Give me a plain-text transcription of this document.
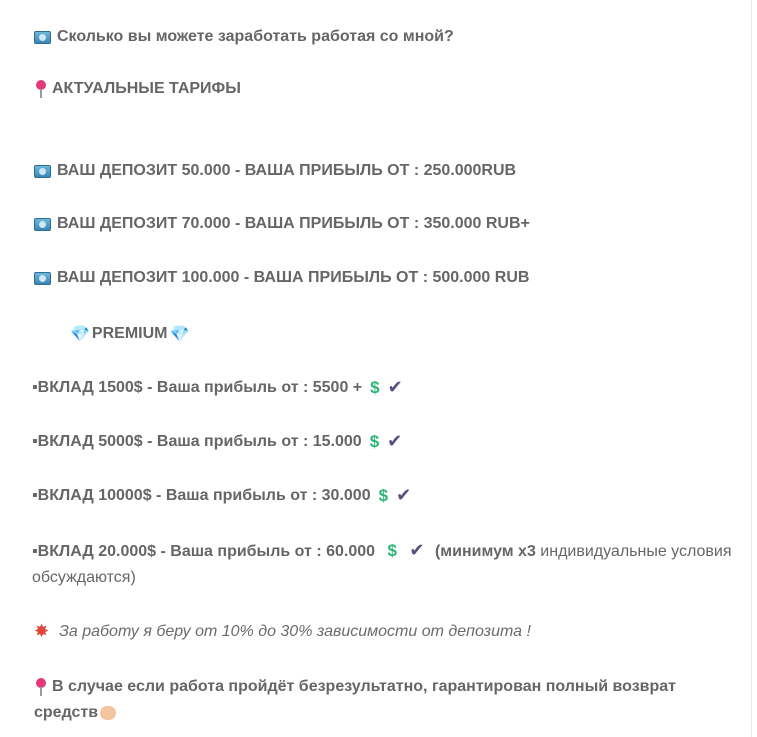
Сколько вы можете заработать работая со мной?
АКТУАЛЬНЫЕ ТАРИФЫ
ВАШ ДЕПОЗИТ 50.000 - ВАША ПРИБЫЛЬ ОТ : 250.000RUB
ВАШ ДЕПОЗИТ 70.000 - ВАША ПРИБЫЛЬ ОТ : 350.000 RUB+
ВАШ ДЕПОЗИТ 100.000 - ВАША ПРИБЫЛЬ ОТ : 500.000 RUB
💎 PREMIUM 💎
▪ВКЛАД 1500$ - Ваша прибыль от : 5500 + $ ✔
▪ВКЛАД 5000$ - Ваша прибыль от : 15.000 $ ✔
▪ВКЛАД 10000$ - Ваша прибыль от : 30.000 $ ✔
▪ВКЛАД 20.000$ - Ваша прибыль от : 60.000 $ ✔ (минимум х3 индивидуальные условия обсуждаются)
✸ За работу я беру от 10% до 30% зависимости от депозита !
В случае если работа пройдёт безрезультатно, гарантирован полный возврат средств
